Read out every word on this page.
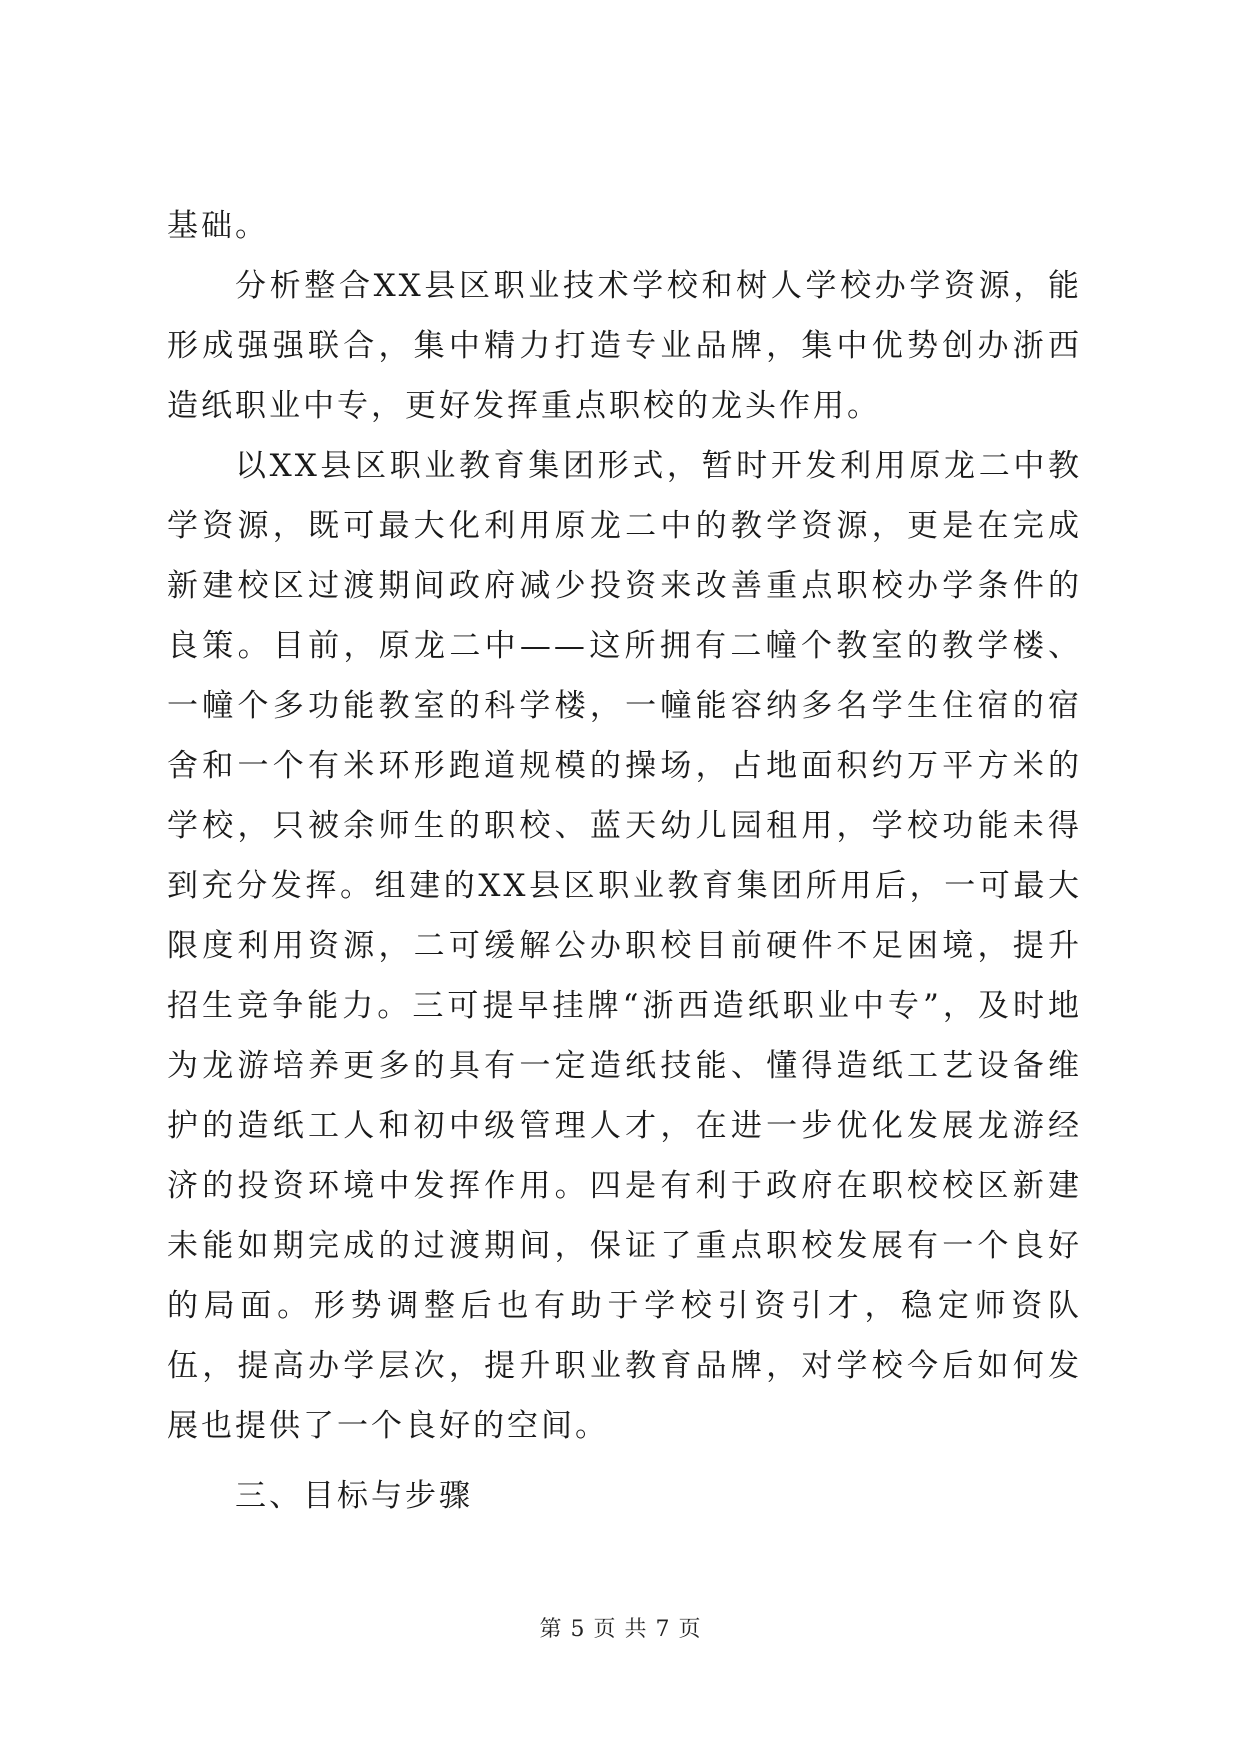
基础。

分析整合XX县区职业技术学校和树人学校办学资源，能形成强强联合，集中精力打造专业品牌，集中优势创办浙西造纸职业中专，更好发挥重点职校的龙头作用。

以XX县区职业教育集团形式，暂时开发利用原龙二中教学资源，既可最大化利用原龙二中的教学资源，更是在完成新建校区过渡期间政府减少投资来改善重点职校办学条件的良策。目前，原龙二中——这所拥有二幢个教室的教学楼、一幢个多功能教室的科学楼，一幢能容纳多名学生住宿的宿舍和一个有米环形跑道规模的操场，占地面积约万平方米的学校，只被余师生的职校、蓝天幼儿园租用，学校功能未得到充分发挥。组建的XX县区职业教育集团所用后，一可最大限度利用资源，二可缓解公办职校目前硬件不足困境，提升招生竞争能力。三可提早挂牌“浙西造纸职业中专”，及时地为龙游培养更多的具有一定造纸技能、懂得造纸工艺设备维护的造纸工人和初中级管理人才，在进一步优化发展龙游经济的投资环境中发挥作用。四是有利于政府在职校校区新建未能如期完成的过渡期间，保证了重点职校发展有一个良好的局面。形势调整后也有助于学校引资引才，稳定师资队伍，提高办学层次，提升职业教育品牌，对学校今后如何发展也提供了一个良好的空间。

三、目标与步骤

第 5 页 共 7 页
